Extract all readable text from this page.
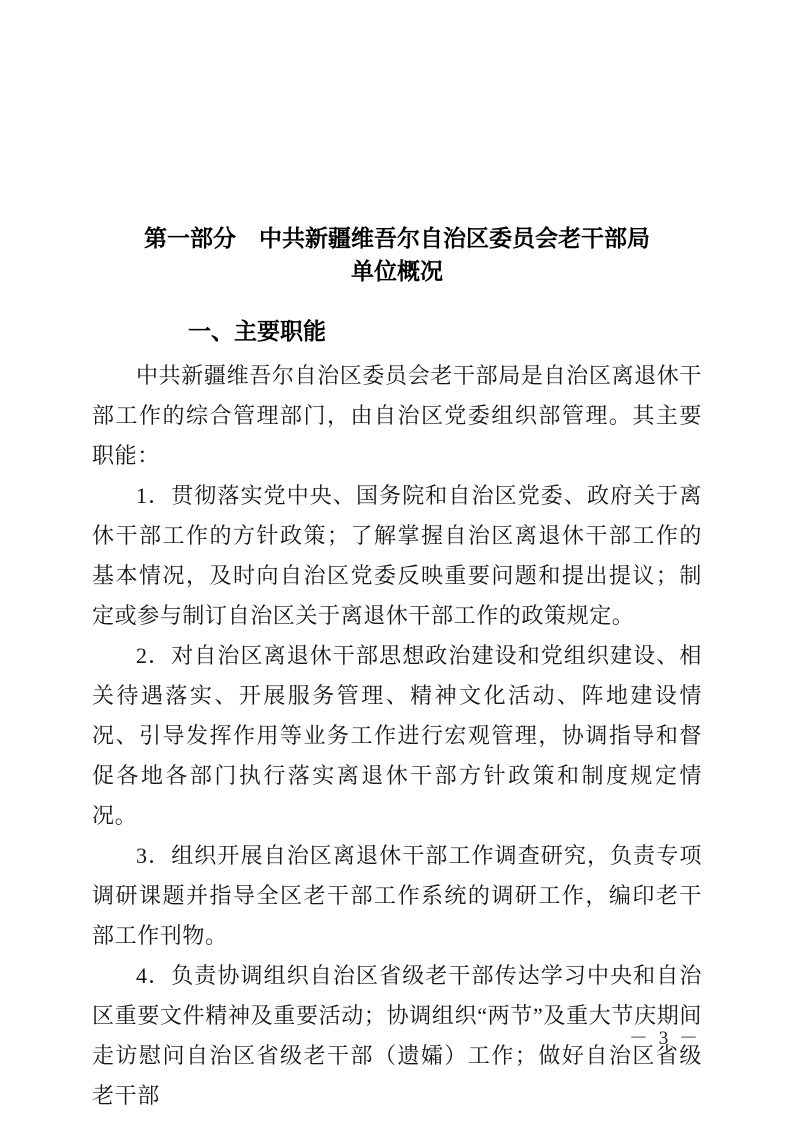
第一部分　中共新疆维吾尔自治区委员会老干部局
单位概况
一、主要职能

中共新疆维吾尔自治区委员会老干部局是自治区离退休干部工作的综合管理部门，由自治区党委组织部管理。其主要职能：

1．贯彻落实党中央、国务院和自治区党委、政府关于离休干部工作的方针政策；了解掌握自治区离退休干部工作的基本情况，及时向自治区党委反映重要问题和提出提议；制定或参与制订自治区关于离退休干部工作的政策规定。

2．对自治区离退休干部思想政治建设和党组织建设、相关待遇落实、开展服务管理、精神文化活动、阵地建设情况、引导发挥作用等业务工作进行宏观管理，协调指导和督促各地各部门执行落实离退休干部方针政策和制度规定情况。

3．组织开展自治区离退休干部工作调查研究，负责专项调研课题并指导全区老干部工作系统的调研工作，编印老干部工作刊物。

4．负责协调组织自治区省级老干部传达学习中央和自治区重要文件精神及重要活动；协调组织“两节”及重大节庆期间走访慰问自治区省级老干部（遗孀）工作；做好自治区省级老干部

－ 3 －
